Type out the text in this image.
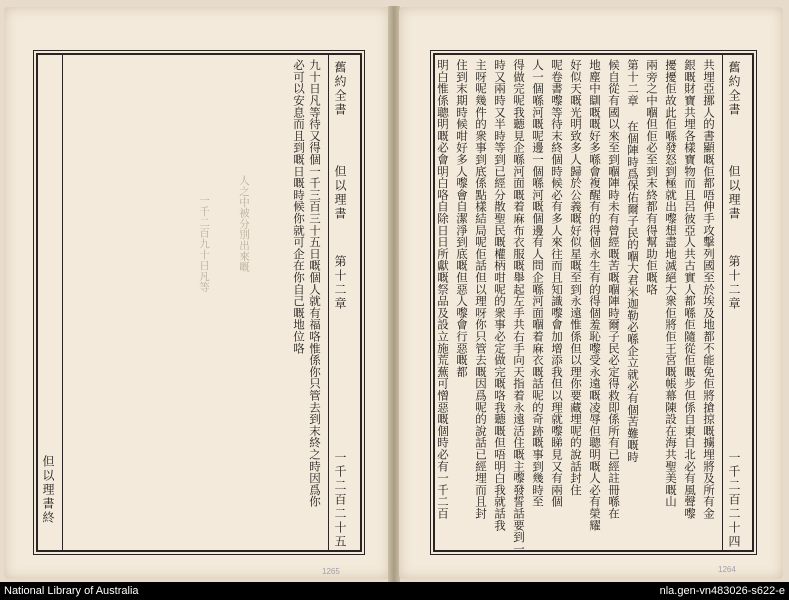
舊約全書
但以理書
第十二章
一千二百二十五
九十日凡等待又得個一千三百三十五日嘅個人就有福咯惟係你只管去到末終之時因爲你
必可以安息而且到嘅日嘅時候你就可企在你自己嘅地位咯
人之中被分別出來嘅
一千二百九十日凡等
但以理書終
舊約全書
但以理書
第十二章
一千二百二十四
共埋亞挪人的書顯嘅佢都唔伸手攻擊列國至於埃及地都不能免佢將搶掠嘅擄埋將及所有金
銀嘅財寶共埋各樣寶物而且呂彼亞人共古實人都喺佢隨從佢嘅步但係自東自北必有風聲嚟
擾擾佢故此佢喺發怒到極就出嚟想盡地滅絕大衆佢將佢王宮嘅帳幕陳設在海共聖美嘅山
兩旁之中嗰但佢必至到末終都有得幫助佢嘅咯
第十二章 在個陣時爲保佑爾子民的嗰大君米迦勒必喺企立就必有個苦難嘅時
候自從有國以來至到嗰陣時未有曾經嘅苦嘅嗰陣時爾子民必定得救即係所有已經註冊喺在
地塵中瞓嘅嘅好多喺會複醒有的得個永生有的得個羞恥嚟受永遠嘅凌辱但聰明嘅人必有榮耀
好似天嘅光明致多人歸於公義嘅好似星嘅至到永遠惟係但以理你要藏埋呢的說話封住
呢卷書嚟等待末終個時候必有多人來往而且知識嚟會加增添我但以理就嚟睇見又有兩個
人一個喺河嘅呢邊一個喺河嘅個邊有人問企喺河面嗰着麻衣嘅話呢的奇跡嘅事到幾時至
得做完呢我聽見企喺河面嘅着麻布衣服嘅舉起左手共右手向天指着永遠活住嘅主嚟發誓話要到一
時又兩時又半時等到已經分散聖民嘅權柄咁呢的衆事必定做完嘅咯我聽嘅但唔明白我就話我
主呀呢幾件的衆事到底係點樣結局呢佢話但以理呀你只管去嘅因爲呢的說話已經埋而且封
住到末期時候咁好多人嚟會自潔淨到底嘅但惡人嚟會行惡嘅都
明白惟係聰明嘅必會明白咯自除日日所獻嘅祭品及設立施荒蕪可憎惡嘅個時必有一千二百
1265	1264
National Library of Australia	nla.gen-vn483026-s622-e
